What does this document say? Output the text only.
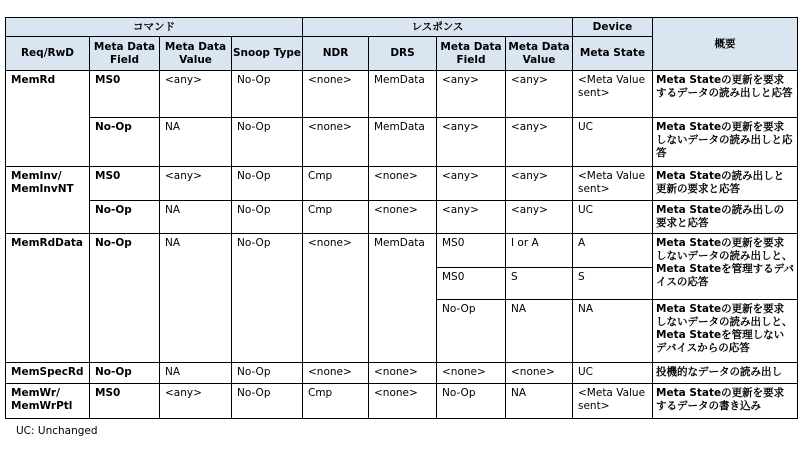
コマンド				レスポンス				Device	概要
Req/RwD	Meta Data Field	Meta Data Value	Snoop Type	NDR	DRS	Meta Data Field	Meta Data Value	Meta State	
MemRd	MS0	<any>	No-Op	<none>	MemData	<any>	<any>	<Meta Value sent>	Meta Stateの更新を要求するデータの読み出しと応答
	No-Op	NA	No-Op	<none>	MemData	<any>	<any>	UC	Meta Stateの更新を要求しないデータの読み出しと応答
MemInv/ MemInvNT	MS0	<any>	No-Op	Cmp	<none>	<any>	<any>	<Meta Value sent>	Meta Stateの読み出しと更新の要求と応答
	No-Op	NA	No-Op	Cmp	<none>	<any>	<any>	UC	Meta Stateの読み出しの要求と応答
MemRdData	No-Op	NA	No-Op	<none>	MemData	MS0	I or A	A	Meta Stateの更新を要求しないデータの読み出しと、Meta Stateを管理するデバイスの応答
						MS0	S	S	
						No-Op	NA	NA	Meta Stateの更新を要求しないデータの読み出しと、Meta Stateを管理しないデバイスからの応答
MemSpecRd	No-Op	NA	No-Op	<none>	<none>	<none>	<none>	UC	投機的なデータの読み出し
MemWr/ MemWrPtl	MS0	<any>	No-Op	Cmp	<none>	No-Op	NA	<Meta Value sent>	Meta Stateの更新を要求するデータの書き込み
UC: Unchanged
